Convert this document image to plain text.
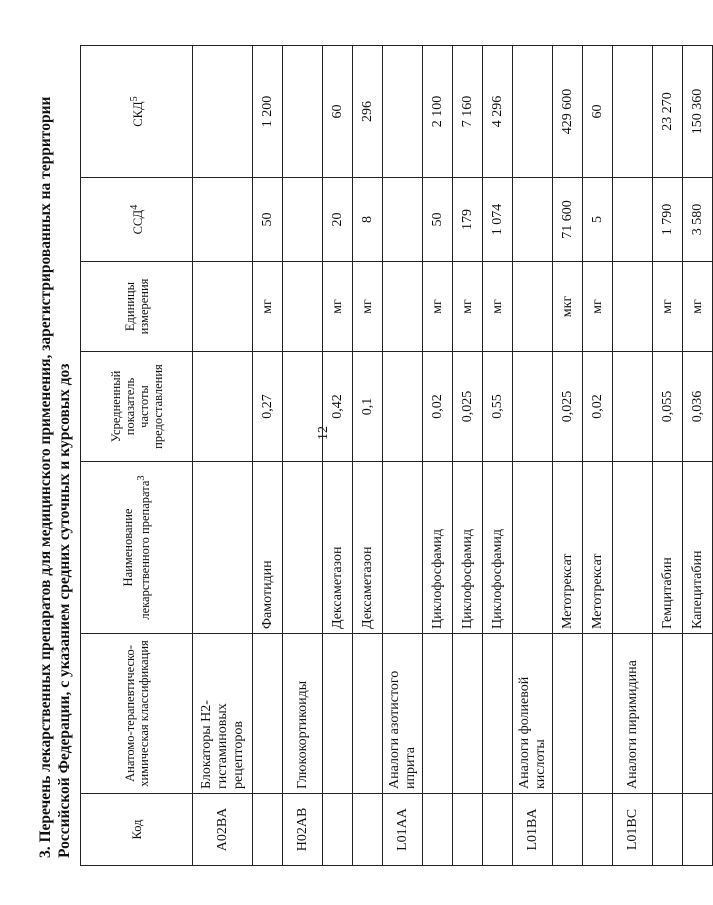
12
3. Перечень лекарственных препаратов для медицинского применения, зарегистрированных на территории Российской Федерации, с указанием средних суточных и курсовых доз	Код	Анатомо-терапевтическо-химическая классификация	Наименование лекарственного препарата$^3$	Усредненный показатель частоты предоставления	Единицы измерения	ССД$^4$	СКД$^5$
A02BA	Блокаторы Н2-гистаминовых рецепторов					
		Фамотидин	0,27	мг	50	1 200
H02AB	Глюкокортикоиды					
		Дексаметазон	0,42	мг	20	60
		Дексаметазон	0,1	мг	8	296
L01AA	Аналоги азотистого иприта					
		Циклофосфамид	0,02	мг	50	2 100
		Циклофосфамид	0,025	мг	179	7 160
		Циклофосфамид	0,55	мг	1 074	4 296
L01BA	Аналоги фолиевой кислоты					
		Метотрексат	0,025	мкг	71 600	429 600
		Метотрексат	0,02	мг	5	60
L01BC	Аналоги пиримидина					
		Гемцитабин	0,055	мг	1 790	23 270
		Капецитабин	0,036	мг	3 580	150 360
